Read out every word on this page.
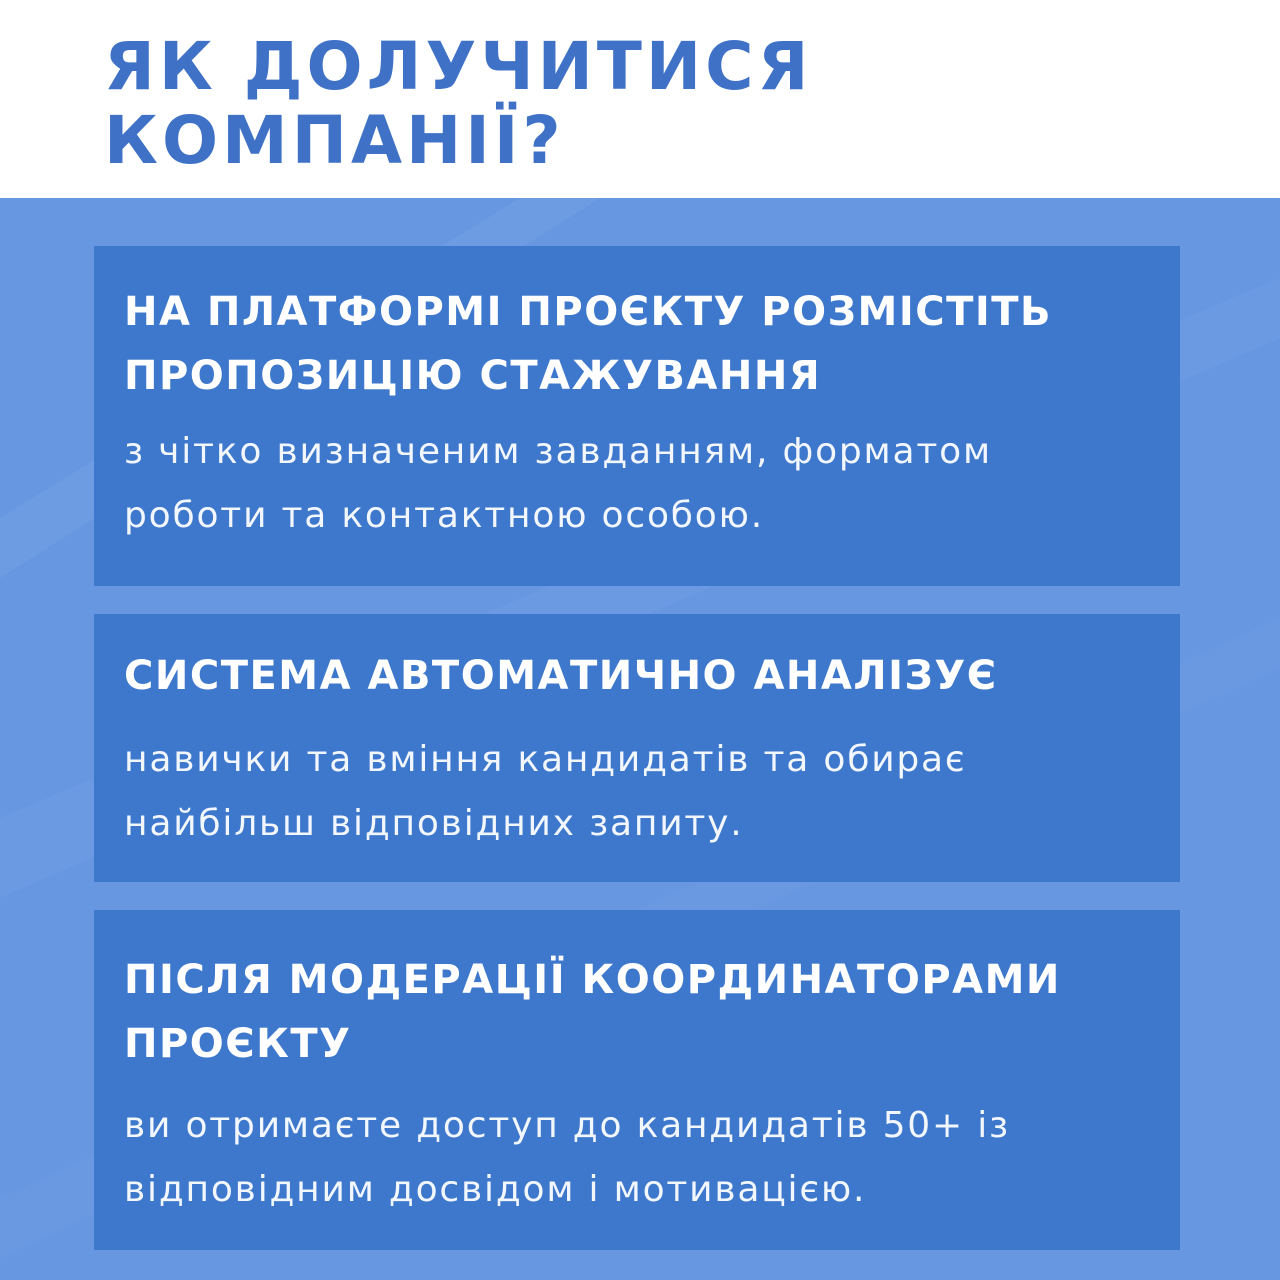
ЯК ДОЛУЧИТИСЯ
КОМПАНІЇ?

НА ПЛАТФОРМІ ПРОЄКТУ РОЗМІСТІТЬ
ПРОПОЗИЦІЮ СТАЖУВАННЯ

з чітко визначеним завданням, форматом
роботи та контактною особою.

СИСТЕМА АВТОМАТИЧНО АНАЛІЗУЄ

навички та вміння кандидатів та обирає
найбільш відповідних запиту.

ПІСЛЯ МОДЕРАЦІЇ КООРДИНАТОРАМИ
ПРОЄКТУ

ви отримаєте доступ до кандидатів 50+ із
відповідним досвідом і мотивацією.
